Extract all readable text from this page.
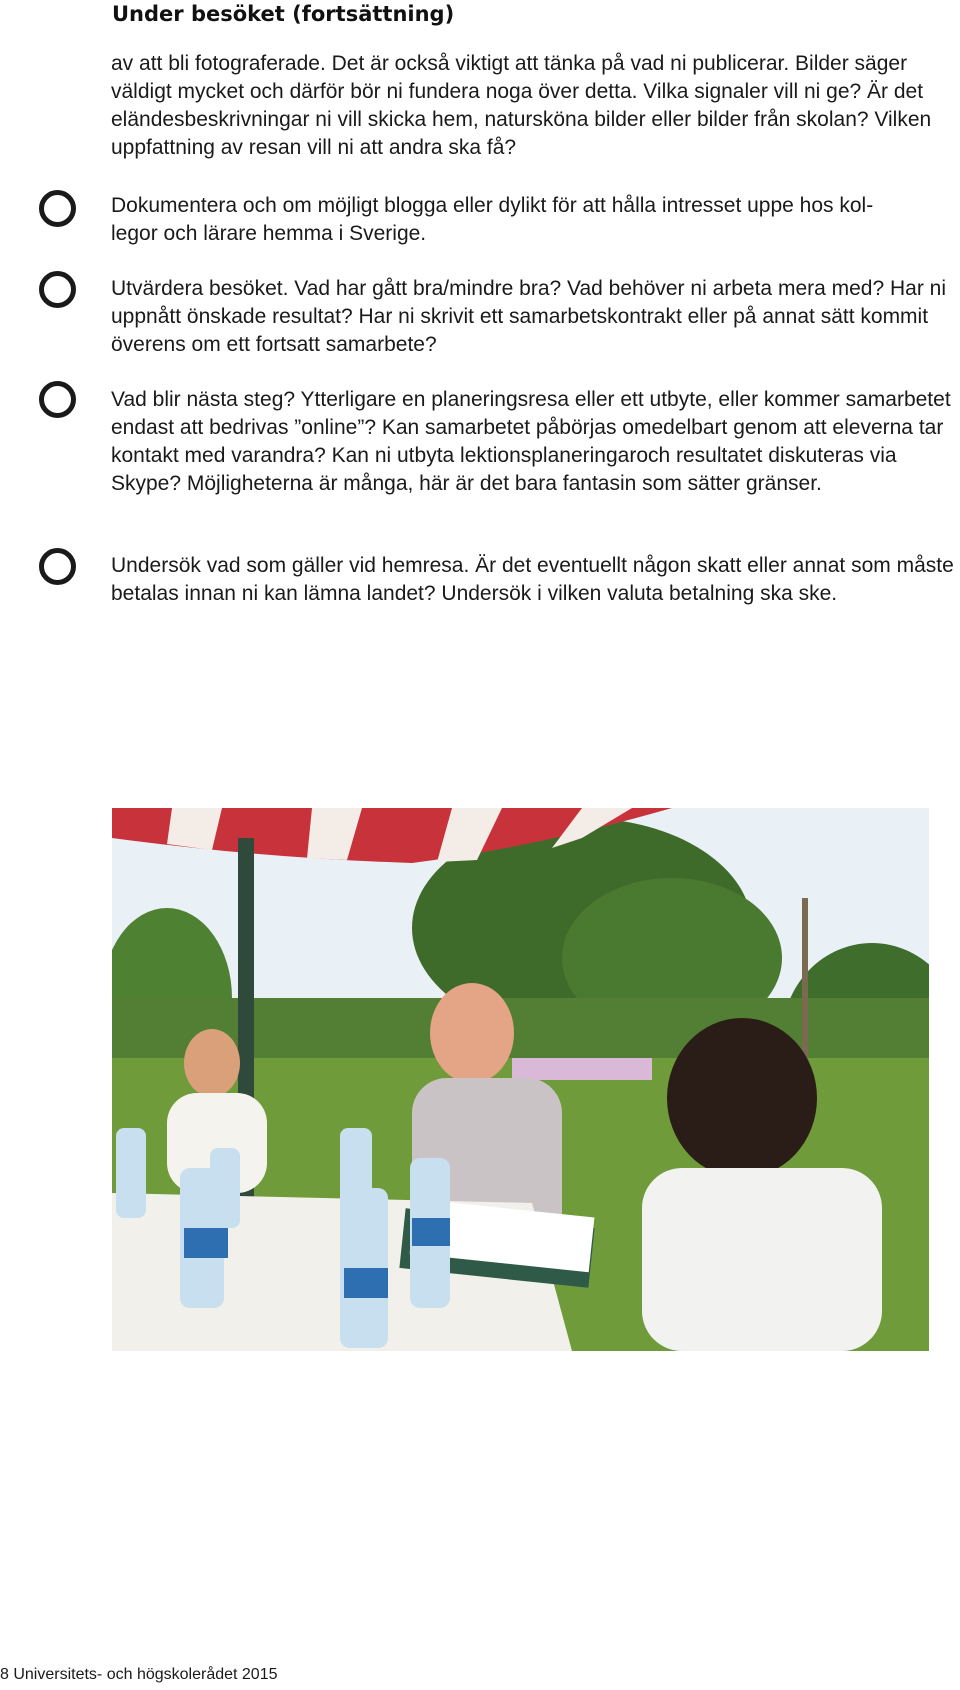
Under besöket (fortsättning)

av att bli fotograferade. Det är också viktigt att tänka på vad ni publicerar. Bilder säger väldigt mycket och därför bör ni fundera noga över detta. Vilka signaler vill ni ge? Är det eländesbeskrivningar ni vill skicka hem, natursköna bilder eller bilder från skolan? Vilken uppfattning av resan vill ni att andra ska få?

Dokumentera och om möjligt blogga eller dylikt för att hålla intresset uppe hos kol- legor och lärare hemma i Sverige.

Utvärdera besöket. Vad har gått bra/mindre bra? Vad behöver ni arbeta mera med? Har ni uppnått önskade resultat? Har ni skrivit ett samarbetskontrakt eller på annat sätt kommit överens om ett fortsatt samarbete?

Vad blir nästa steg? Ytterligare en planeringsresa eller ett utbyte, eller kommer samarbetet endast att bedrivas ”online”? Kan samarbetet påbörjas omedelbart genom att eleverna tar kontakt med varandra? Kan ni utbyta lektionsplaneringaroch resultatet diskuteras via Skype? Möjligheterna är många, här är det bara fantasin som sätter gränser.

Undersök vad som gäller vid hemresa. Är det eventuellt någon skatt eller annat som måste betalas innan ni kan lämna landet? Undersök i vilken valuta betalning ska ske.

8 Universitets- och högskolerådet 2015
